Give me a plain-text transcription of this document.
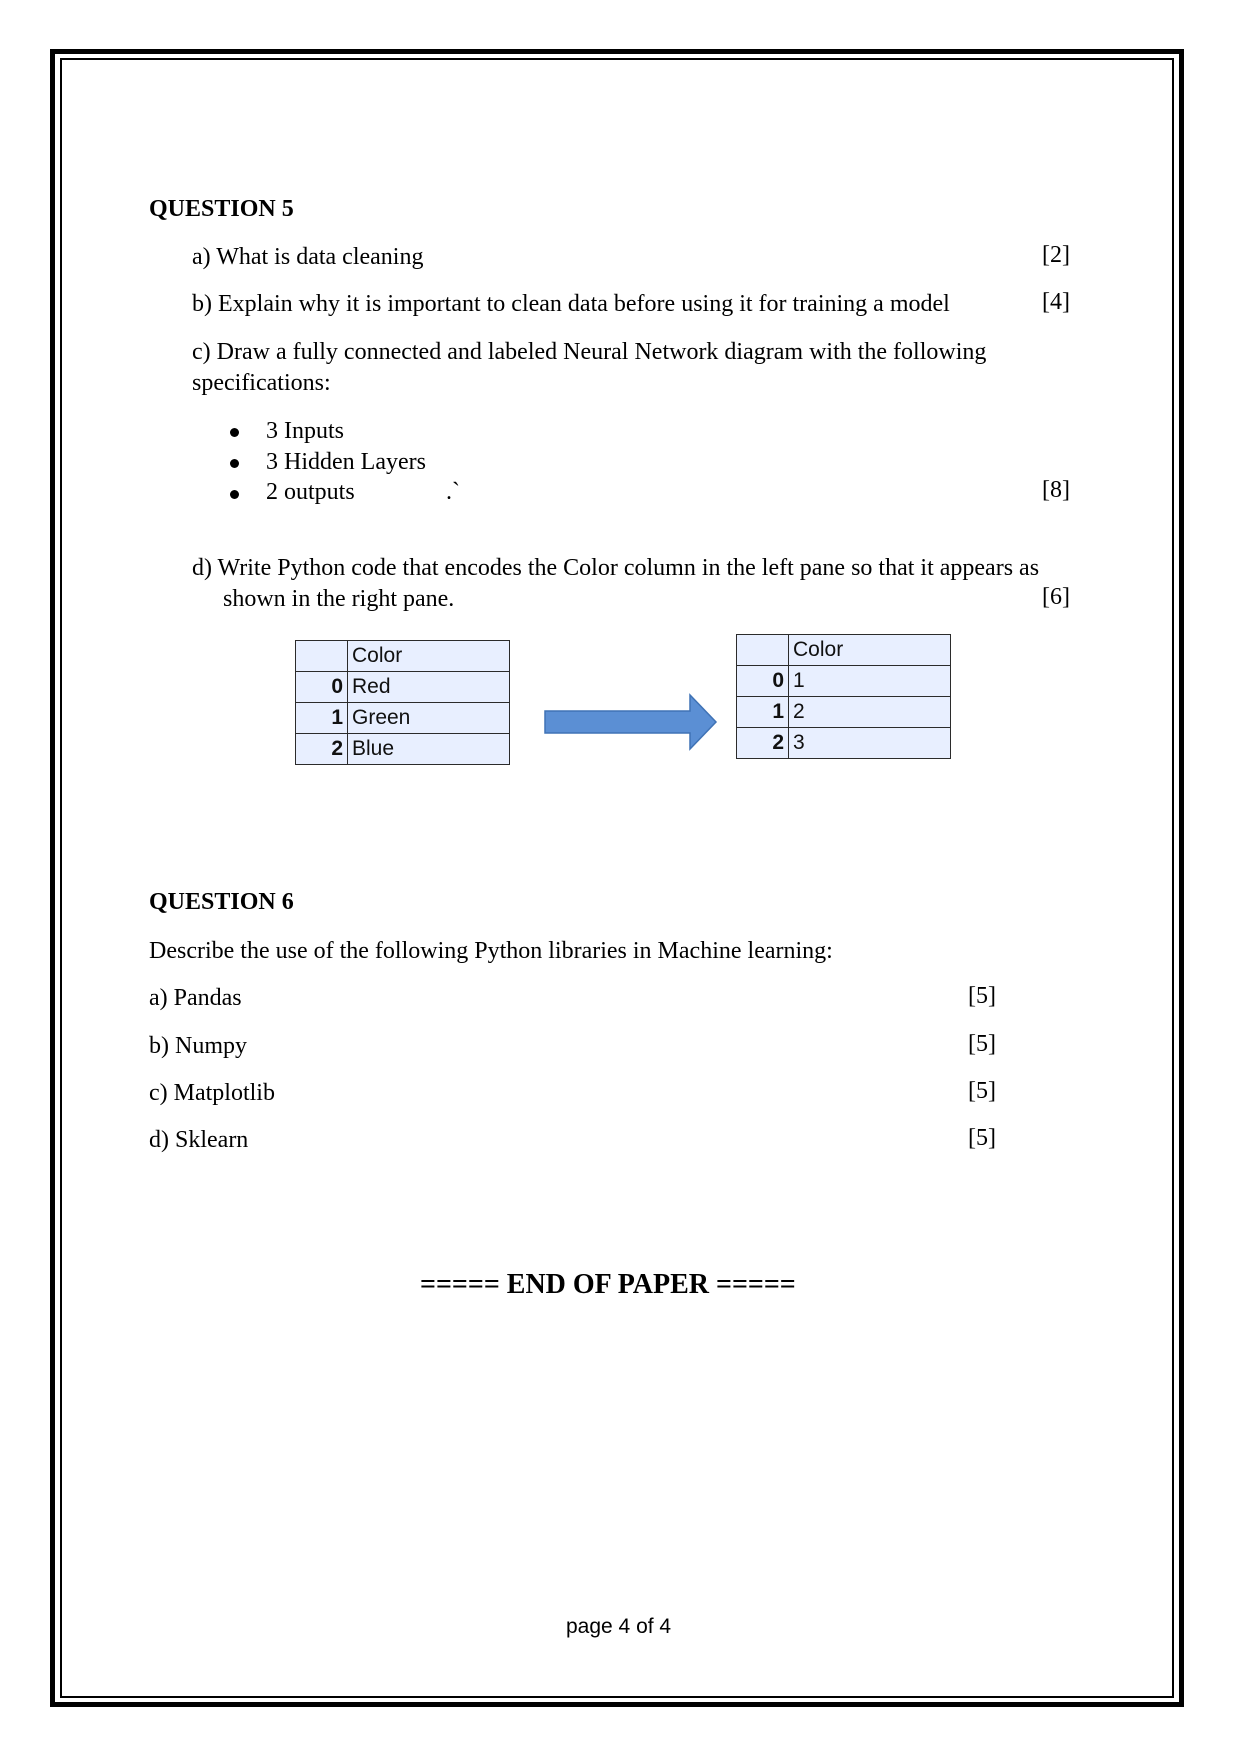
QUESTION 5
a) What is data cleaning	[2]
b) Explain why it is important to clean data before using it for training a model	[4]
c) Draw a fully connected and labeled Neural Network diagram with the following
specifications:
3 Inputs
3 Hidden Layers
2 outputs	.`	[8]
d) Write Python code that encodes the Color column in the left pane so that it appears as
shown in the right pane.	[6]
	Color
0	Red
1	Green
2	Blue
	Color
0	1
1	2
2	3
QUESTION 6
Describe the use of the following Python libraries in Machine learning:
a) Pandas	[5]
b) Numpy	[5]
c) Matplotlib	[5]
d) Sklearn	[5]
===== END OF PAPER =====
page 4 of 4
